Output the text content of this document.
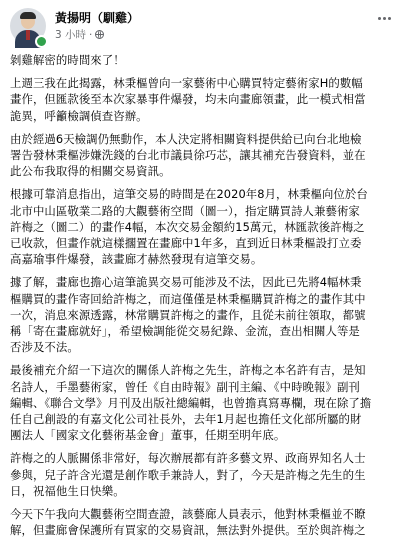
黃揚明（馴雞）
3 小時 ·

剝雞解密的時間來了！

上週三我在此揭露，林秉樞曾向一家藝術中心購買特定藝術家H的數幅
畫作，但匯款後至本次家暴事件爆發，均未向畫廊領畫，此一模式相當
詭異，呼籲檢調偵查咨辦。

由於經過6天檢調仍無動作，本人決定將相關資料提供給已向台北地檢
署告發林秉樞涉嫌洗錢的台北市議員徐巧芯，讓其補充告發資料，並在
此公布我取得的相關交易資訊。

根據可靠消息指出，這筆交易的時間是在2020年8月，林秉樞向位於台
北市中山區敬業二路的大觀藝術空間（圖一），指定購買詩人兼藝術家
許梅之（圖二）的畫作4幅，本次交易金額約15萬元，林匯款後許梅之
已收款，但畫作就這樣擱置在畫廊中1年多，直到近日林秉樞設打立委
高嘉瑜事件爆發，該畫廊才赫然發現有這筆交易。

據了解，畫廊也擔心這筆詭異交易可能涉及不法，因此已先將4幅林秉
樞購買的畫作寄回給許梅之，而這僅僅是林秉樞購買許梅之的畫作其中
一次，消息來源透露，林常購買許梅之的畫作，且從未前往領取，都號
稱「寄在畫廊就好」，希望檢調能從交易紀錄、金流，查出相關人等是
否涉及不法。

最後補充介紹一下這次的關係人許梅之先生，許梅之本名許有吉，是知
名詩人，手墨藝術家，曾任《自由時報》副刊主編、《中時晚報》副刊
編輯、《聯合文學》月刊及出版社總編輯，也曾擔真寫專欄，現在除了擔
任自己創設的有嘉文化公司社長外，去年1月起也擔任文化部所屬的財
團法人「國家文化藝術基金會」董事，任期至明年底。

許梅之的人脈關係非常好，每次辦展都有許多藝文界、政商界知名人士
參與，兒子許含光還是創作歌手兼詩人，對了，今天是許梅之先生的生
日，祝福他生日快樂。

今天下午我向大觀藝術空間查證，該藝廊人員表示，他對林秉樞並不瞭
解，但畫廊會保護所有買家的交易資訊，無法對外提供。至於與許梅之
